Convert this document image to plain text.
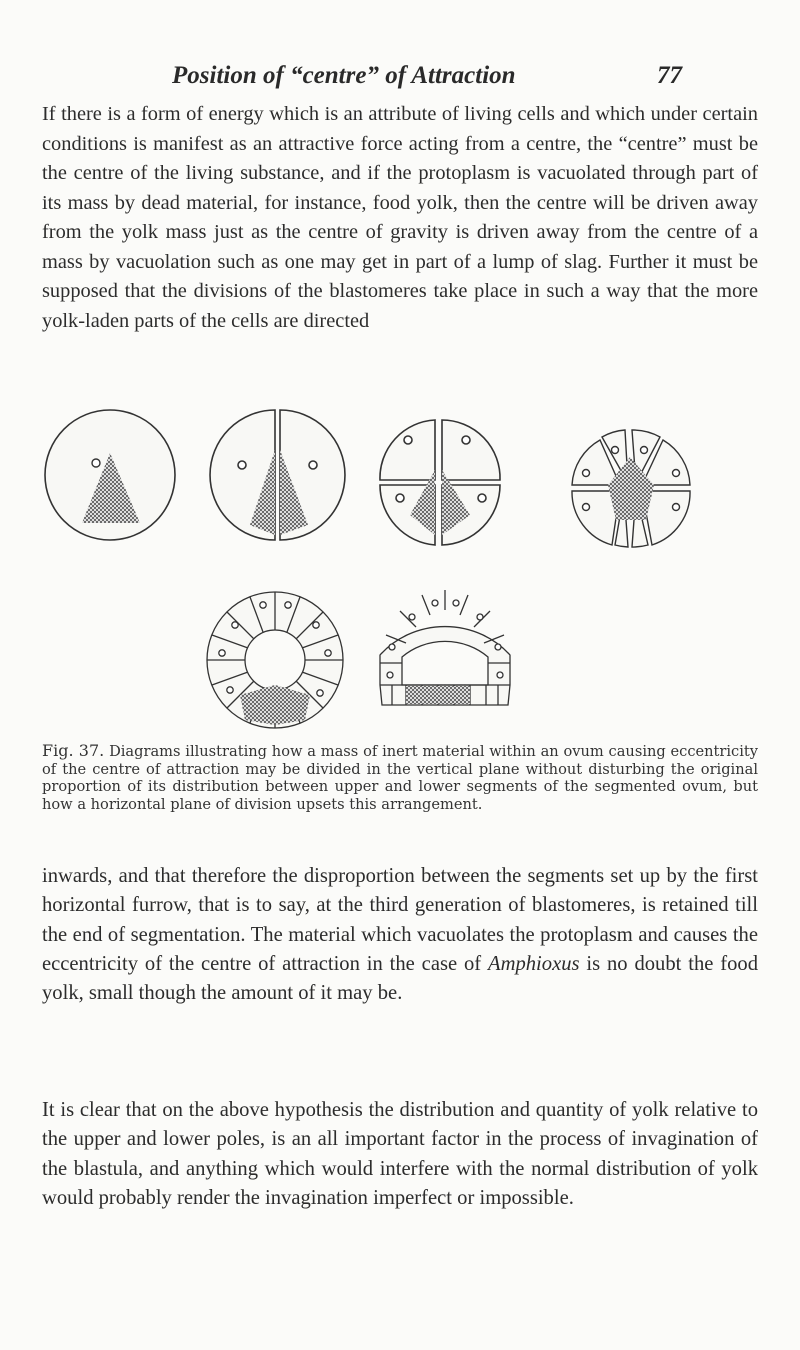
Position of “centre” of Attraction	77

If there is a form of energy which is an attribute of living cells and which under certain conditions is manifest as an attractive force acting from a centre, the “centre” must be the centre of the living substance, and if the protoplasm is vacuolated through part of its mass by dead material, for instance, food yolk, then the centre will be driven away from the yolk mass just as the centre of gravity is driven away from the centre of a mass by vacuolation such as one may get in part of a lump of slag. Further it must be supposed that the divisions of the blastomeres take place in such a way that the more yolk-laden parts of the cells are directed

Fig. 37. Diagrams illustrating how a mass of inert material within an ovum causing eccentricity of the centre of attraction may be divided in the vertical plane without disturbing the original proportion of its distribution between upper and lower segments of the segmented ovum, but how a horizontal plane of division upsets this arrangement.

inwards, and that therefore the disproportion between the segments set up by the first horizontal furrow, that is to say, at the third generation of blastomeres, is retained till the end of segmentation. The material which vacuolates the protoplasm and causes the eccentricity of the centre of attraction in the case of Amphioxus is no doubt the food yolk, small though the amount of it may be.

It is clear that on the above hypothesis the distribution and quantity of yolk relative to the upper and lower poles, is an all important factor in the process of invagination of the blastula, and anything which would interfere with the normal distribution of yolk would probably render the invagination imperfect or impossible.
